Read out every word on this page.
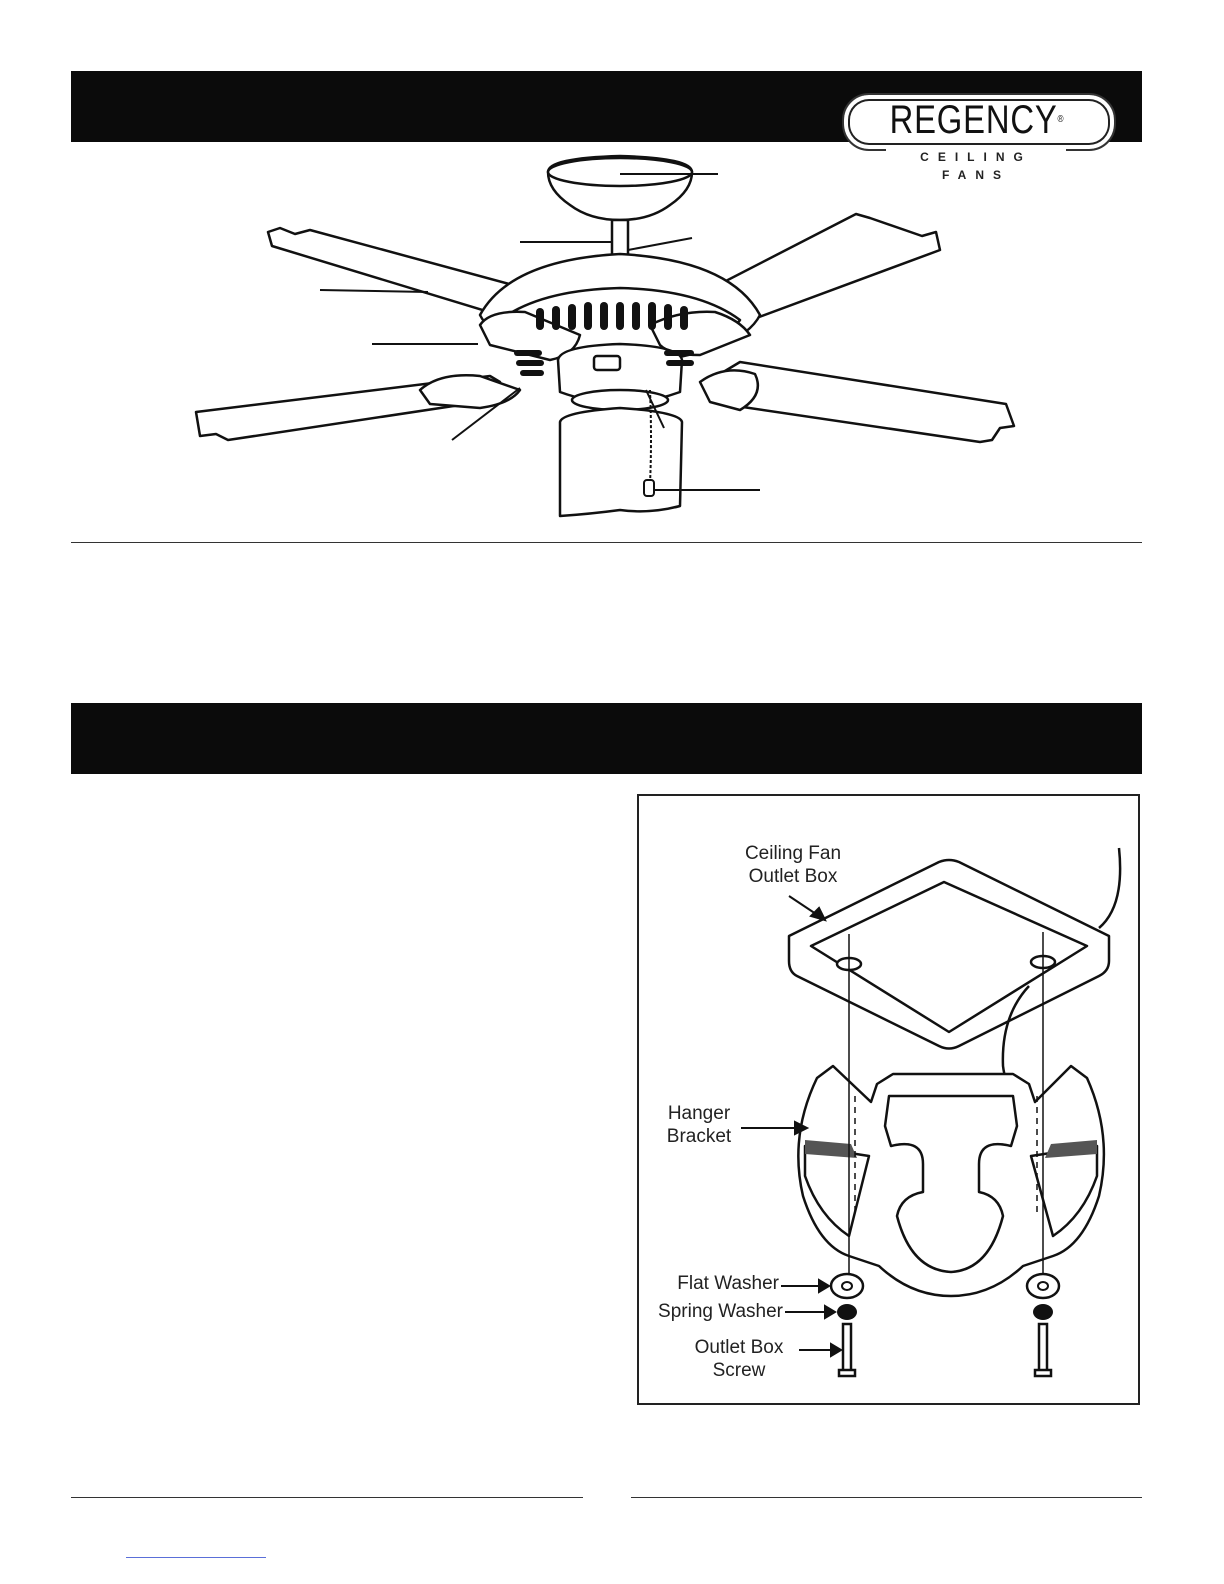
REGENCY®
CEILING FANS
Ceiling Fan
Outlet Box
Hanger
Bracket
Flat Washer
Spring Washer
Outlet Box
Screw
